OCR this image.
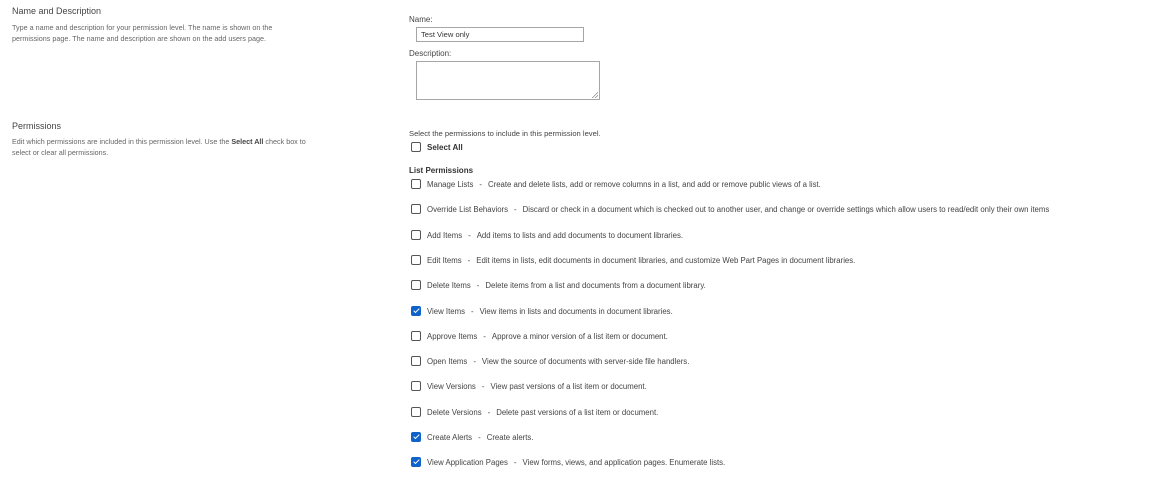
Name and Description
Type a name and description for your permission level. The name is shown on the
permissions page. The name and description are shown on the add users page.
Name:
Test View only
Description:
Permissions
Edit which permissions are included in this permission level. Use the Select All check box to
select or clear all permissions.
Select the permissions to include in this permission level.
Select All
List Permissions
Manage Lists - Create and delete lists, add or remove columns in a list, and add or remove public views of a list.
Override List Behaviors - Discard or check in a document which is checked out to another user, and change or override settings which allow users to read/edit only their own items
Add Items - Add items to lists and add documents to document libraries.
Edit Items - Edit items in lists, edit documents in document libraries, and customize Web Part Pages in document libraries.
Delete Items - Delete items from a list and documents from a document library.
View Items - View items in lists and documents in document libraries.
Approve Items - Approve a minor version of a list item or document.
Open Items - View the source of documents with server-side file handlers.
View Versions - View past versions of a list item or document.
Delete Versions - Delete past versions of a list item or document.
Create Alerts - Create alerts.
View Application Pages - View forms, views, and application pages. Enumerate lists.
